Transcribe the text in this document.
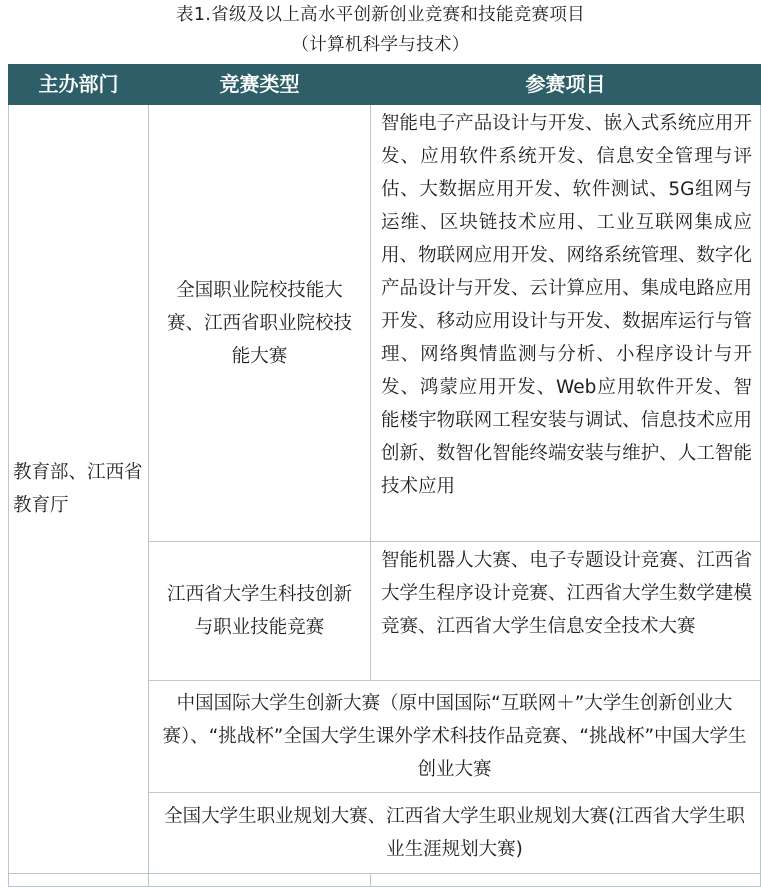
表1.省级及以上高水平创新创业竞赛和技能竞赛项目
（计算机科学与技术）
主办部门	竞赛类型	参赛项目
教育部、江西省教育厅	全国职业院校技能大赛、江西省职业院校技能大赛	智能电子产品设计与开发、嵌入式系统应用开发、应用软件系统开发、信息安全管理与评估、大数据应用开发、软件测试、5G组网与运维、区块链技术应用、工业互联网集成应用、物联网应用开发、网络系统管理、数字化产品设计与开发、云计算应用、集成电路应用开发、移动应用设计与开发、数据库运行与管理、网络舆情监测与分析、小程序设计与开发、鸿蒙应用开发、Web应用软件开发、智能楼宇物联网工程安装与调试、信息技术应用创新、数智化智能终端安装与维护、人工智能技术应用
	江西省大学生科技创新与职业技能竞赛	智能机器人大赛、电子专题设计竞赛、江西省大学生程序设计竞赛、江西省大学生数学建模竞赛、江西省大学生信息安全技术大赛
	中国国际大学生创新大赛（原中国国际“互联网＋”大学生创新创业大赛）、“挑战杯”全国大学生课外学术科技作品竞赛、“挑战杯”中国大学生创业大赛	
	全国大学生职业规划大赛、江西省大学生职业规划大赛(江西省大学生职业生涯规划大赛)	
